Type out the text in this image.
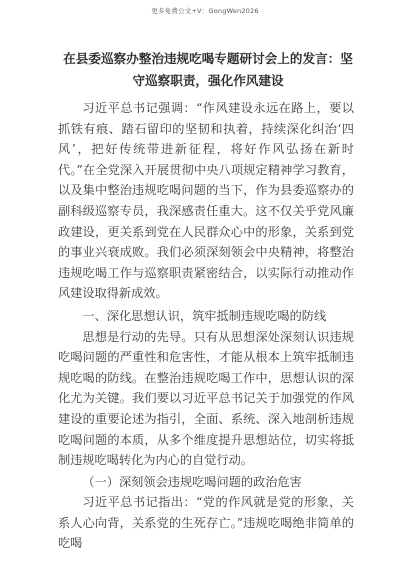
更多免费公文+V：GongWen2026
在县委巡察办整治违规吃喝专题研讨会上的发言：坚守巡察职责，强化作风建设

习近平总书记强调：“作风建设永远在路上，要以抓铁有痕、踏石留印的坚韧和执着，持续深化纠治‘四风’，把好传统带进新征程，将好作风弘扬在新时代。”在全党深入开展贯彻中央八项规定精神学习教育，以及集中整治违规吃喝问题的当下，作为县委巡察办的副科级巡察专员，我深感责任重大。这不仅关乎党风廉政建设，更关系到党在人民群众心中的形象，关系到党的事业兴衰成败。我们必须深刻领会中央精神，将整治违规吃喝工作与巡察职责紧密结合，以实际行动推动作风建设取得新成效。

一、深化思想认识，筑牢抵制违规吃喝的防线

思想是行动的先导。只有从思想深处深刻认识违规吃喝问题的严重性和危害性，才能从根本上筑牢抵制违规吃喝的防线。在整治违规吃喝工作中，思想认识的深化尤为关键。我们要以习近平总书记关于加强党的作风建设的重要论述为指引，全面、系统、深入地剖析违规吃喝问题的本质，从多个维度提升思想站位，切实将抵制违规吃喝转化为内心的自觉行动。

（一）深刻领会违规吃喝问题的政治危害

习近平总书记指出：“党的作风就是党的形象，关系人心向背，关系党的生死存亡。”违规吃喝绝非简单的吃喝
